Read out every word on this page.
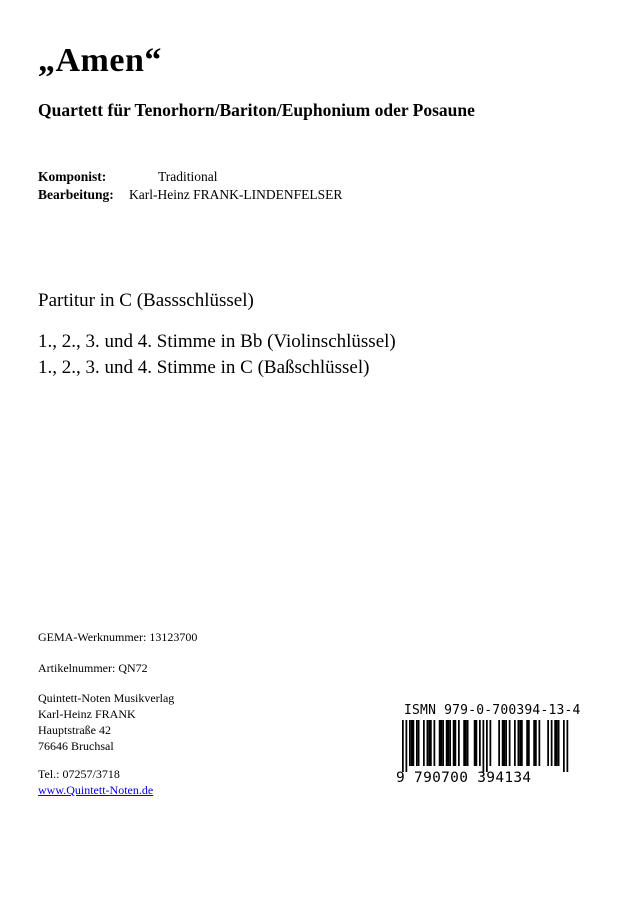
„Amen“
Quartett für Tenorhorn/Bariton/Euphonium oder Posaune
Komponist:	Traditional
Bearbeitung:	Karl-Heinz FRANK-LINDENFELSER
Partitur in C (Bassschlüssel)
1., 2., 3. und 4. Stimme in Bb (Violinschlüssel)
1., 2., 3. und 4. Stimme in C (Baßschlüssel)
GEMA-Werknummer: 13123700
Artikelnummer: QN72
Quintett-Noten Musikverlag
Karl-Heinz FRANK
Hauptstraße 42
76646 Bruchsal
Tel.: 07257/3718
www.Quintett-Noten.de
ISMN 979-0-700394-13-4
9 790700 394134
